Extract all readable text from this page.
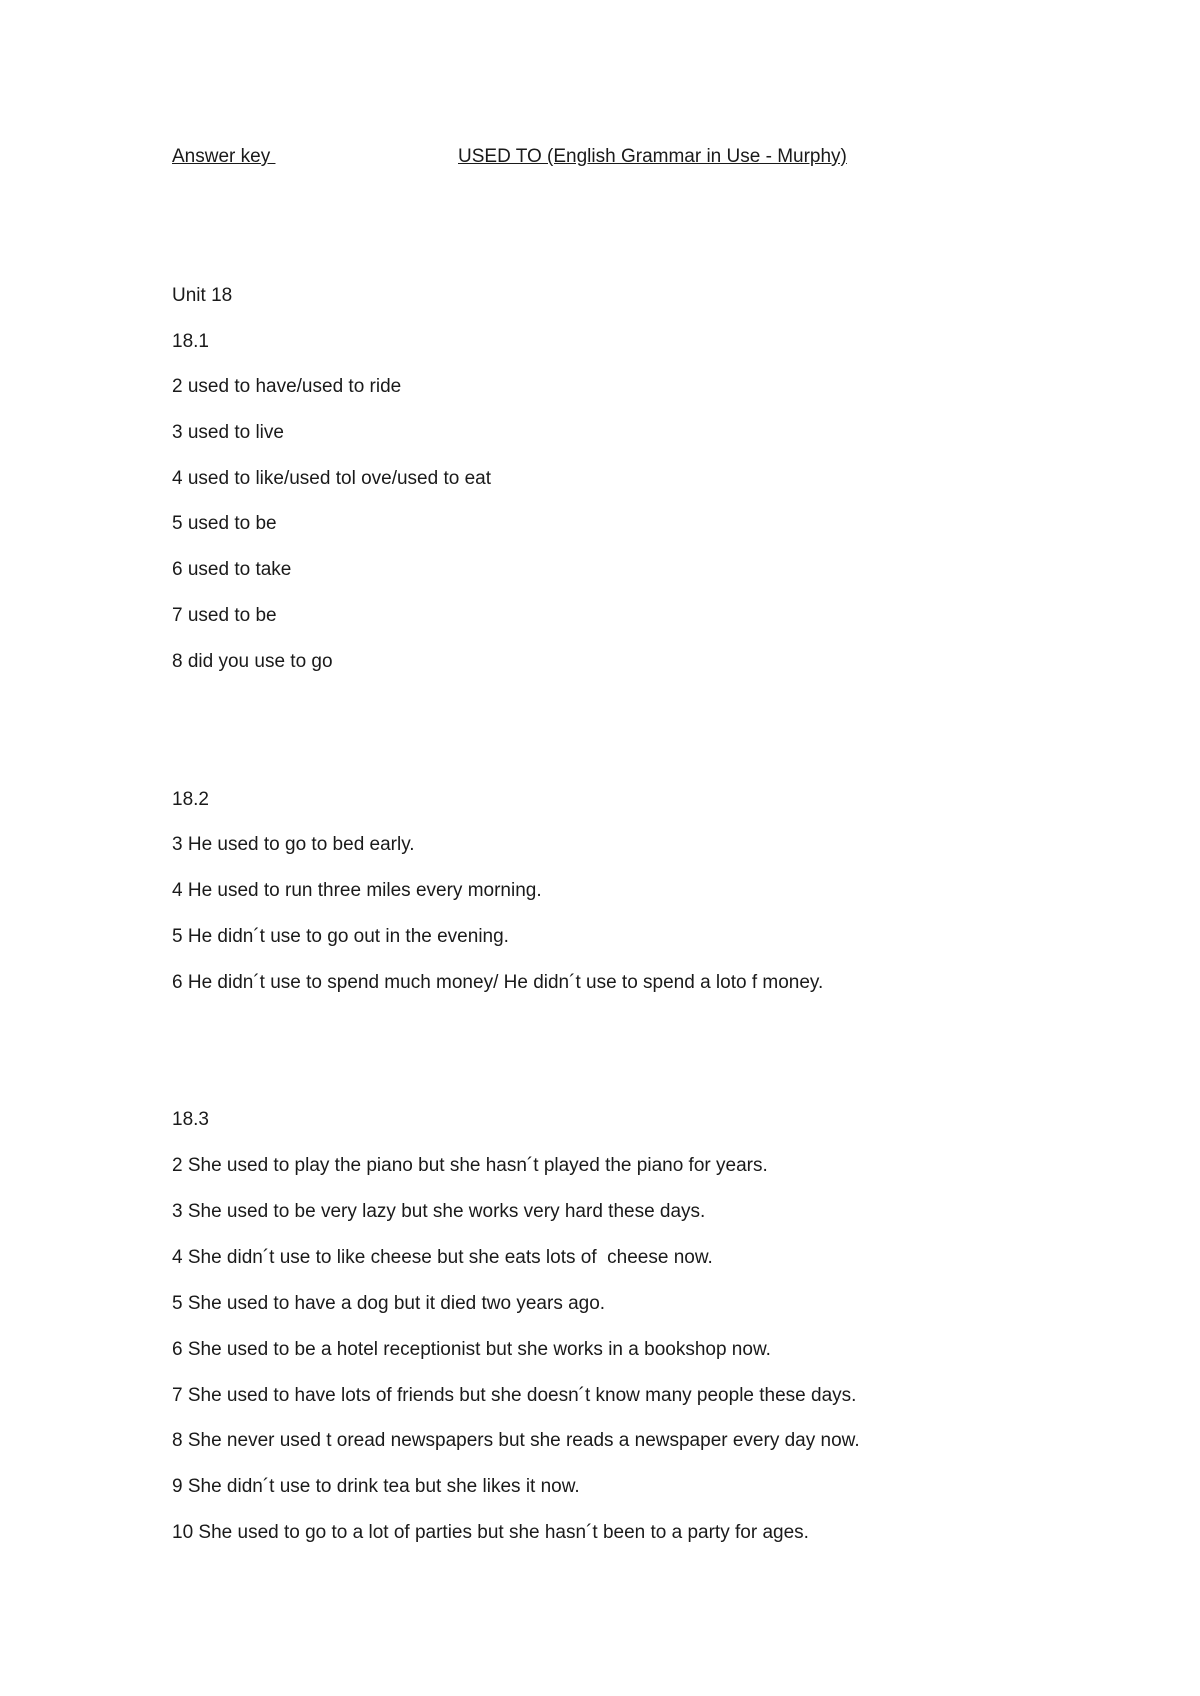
Answer key	USED TO (English Grammar in Use - Murphy)
Unit 18
18.1
2 used to have/used to ride
3 used to live
4 used to like/used tol ove/used to eat
5 used to be
6 used to take
7 used to be
8 did you use to go
18.2
3 He used to go to bed early.
4 He used to run three miles every morning.
5 He didn´t use to go out in the evening.
6 He didn´t use to spend much money/ He didn´t use to spend a loto f money.
18.3
2 She used to play the piano but she hasn´t played the piano for years.
3 She used to be very lazy but she works very hard these days.
4 She didn´t use to like cheese but she eats lots of  cheese now.
5 She used to have a dog but it died two years ago.
6 She used to be a hotel receptionist but she works in a bookshop now.
7 She used to have lots of friends but she doesn´t know many people these days.
8 She never used t oread newspapers but she reads a newspaper every day now.
9 She didn´t use to drink tea but she likes it now.
10 She used to go to a lot of parties but she hasn´t been to a party for ages.
